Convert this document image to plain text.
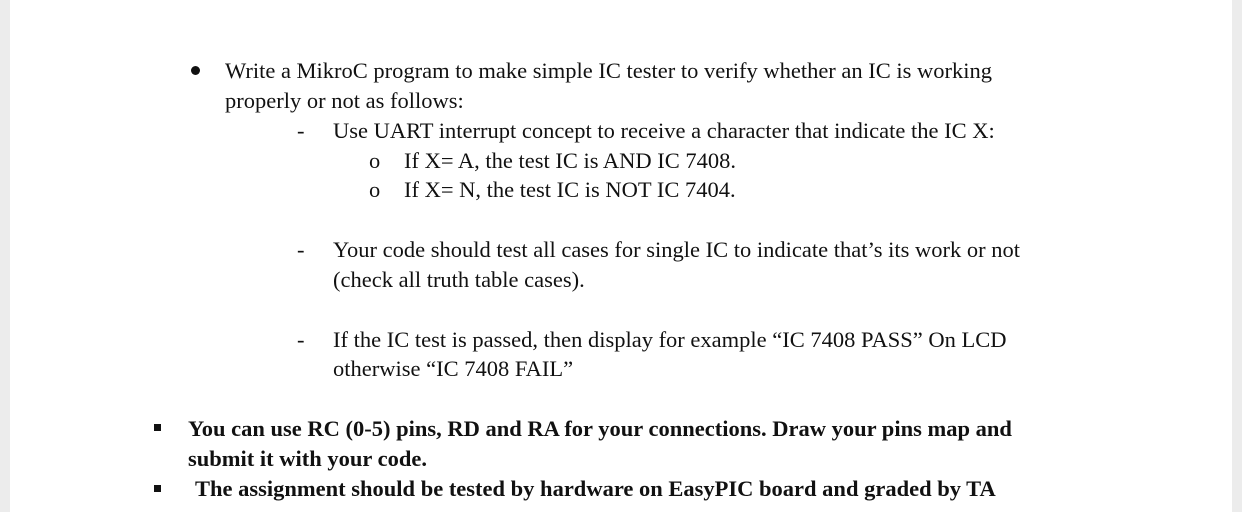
Write a MikroC program to make simple IC tester to verify whether an IC is working
properly or not as follows:
- Use UART interrupt concept to receive a character that indicate the IC X:
o If X= A, the test IC is AND IC 7408.
o If X= N, the test IC is NOT IC 7404.
- Your code should test all cases for single IC to indicate that’s its work or not
(check all truth table cases).
- If the IC test is passed, then display for example “IC 7408 PASS” On LCD
otherwise “IC 7408 FAIL”
You can use RC (0-5) pins, RD and RA for your connections. Draw your pins map and
submit it with your code.
The assignment should be tested by hardware on EasyPIC board and graded by TA
